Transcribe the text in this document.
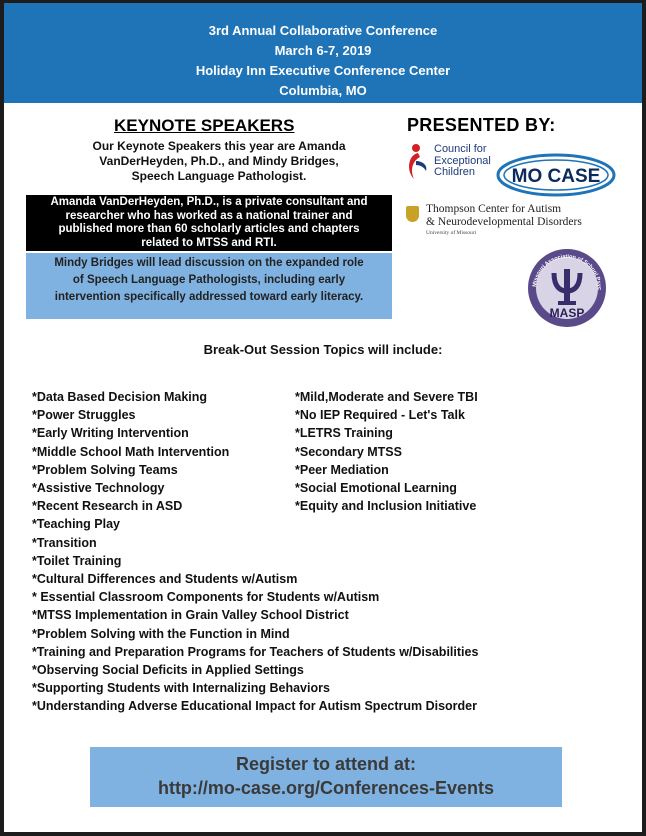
3rd Annual Collaborative Conference
March 6-7, 2019
Holiday Inn Executive Conference Center
Columbia, MO
KEYNOTE SPEAKERS
Our Keynote Speakers this year are Amanda
VanDerHeyden, Ph.D., and Mindy Bridges,
Speech Language Pathologist.
Amanda VanDerHeyden, Ph.D., is a private consultant and
researcher who has worked as a national trainer and
published more than 60 scholarly articles and chapters
related to MTSS and RTI.
Mindy Bridges will lead discussion on the expanded role
of Speech Language Pathologists, including early
intervention specifically addressed toward early literacy.
PRESENTED BY:
Council for
Exceptional
Children	MO CASE
Thompson Center for Autism
& Neurodevelopmental Disorders
University of Missouri
Missouri Association of School Psyc
MASP
Break-Out Session Topics will include:
*Data Based Decision Making
*Power Struggles
*Early Writing Intervention
*Middle School Math Intervention
*Problem Solving Teams
*Assistive Technology
*Recent Research in ASD
*Teaching Play
*Transition
*Toilet Training
*Cultural Differences and Students w/Autism
* Essential Classroom Components for Students w/Autism
*MTSS Implementation in Grain Valley School District
*Problem Solving with the Function in Mind
*Training and Preparation Programs for Teachers of Students w/Disabilities
*Observing Social Deficits in Applied Settings
*Supporting Students with Internalizing Behaviors
*Understanding Adverse Educational Impact for Autism Spectrum Disorder
*Mild,Moderate and Severe TBI
*No IEP Required - Let's Talk
*LETRS Training
*Secondary MTSS
*Peer Mediation
*Social Emotional Learning
*Equity and Inclusion Initiative
Register to attend at:
http://mo-case.org/Conferences-Events
